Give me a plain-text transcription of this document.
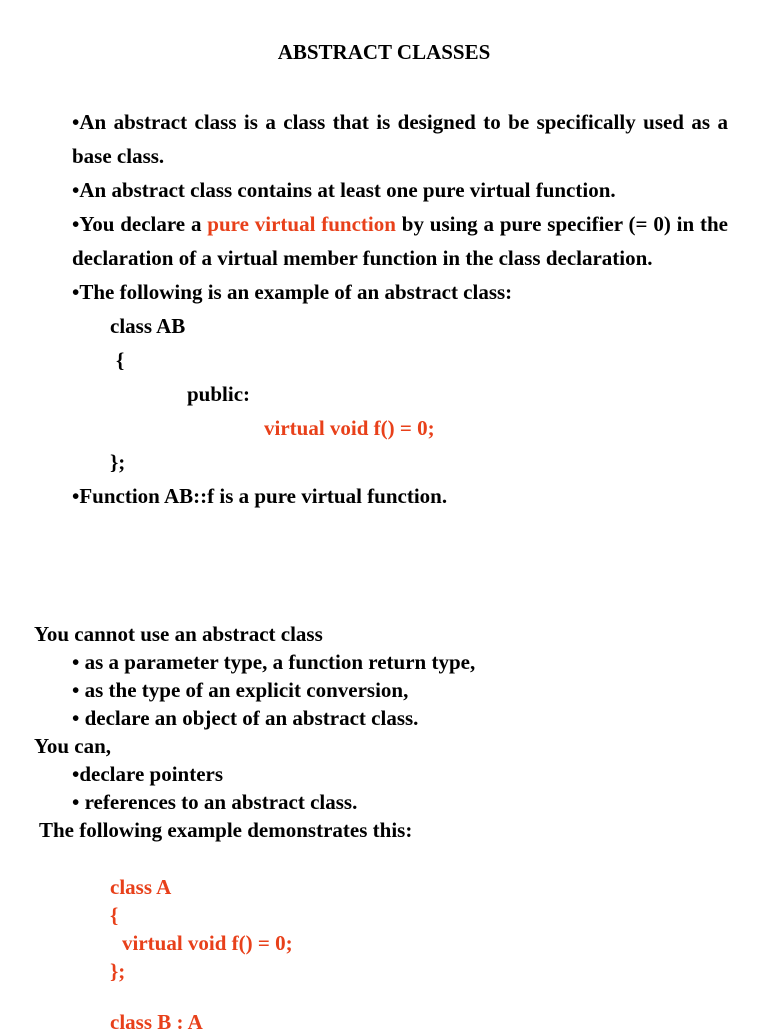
ABSTRACT CLASSES

•An abstract class is a class that is designed to be specifically used as a base class.

•An abstract class contains at least one pure virtual function.

•You declare a pure virtual function by using a pure specifier (= 0) in the declaration of a virtual member function in the class declaration.

•The following is an example of an abstract class:

class AB

{

public:

virtual void f() = 0;

};

•Function AB::f is a pure virtual function.

You cannot use an abstract class

• as a parameter type, a function return type,

• as the type of an explicit conversion,

• declare an object of an abstract class.

You can,

•declare pointers

• references to an abstract class.

The following example demonstrates this:

class A

{

virtual void f() = 0;

};

class B : A
